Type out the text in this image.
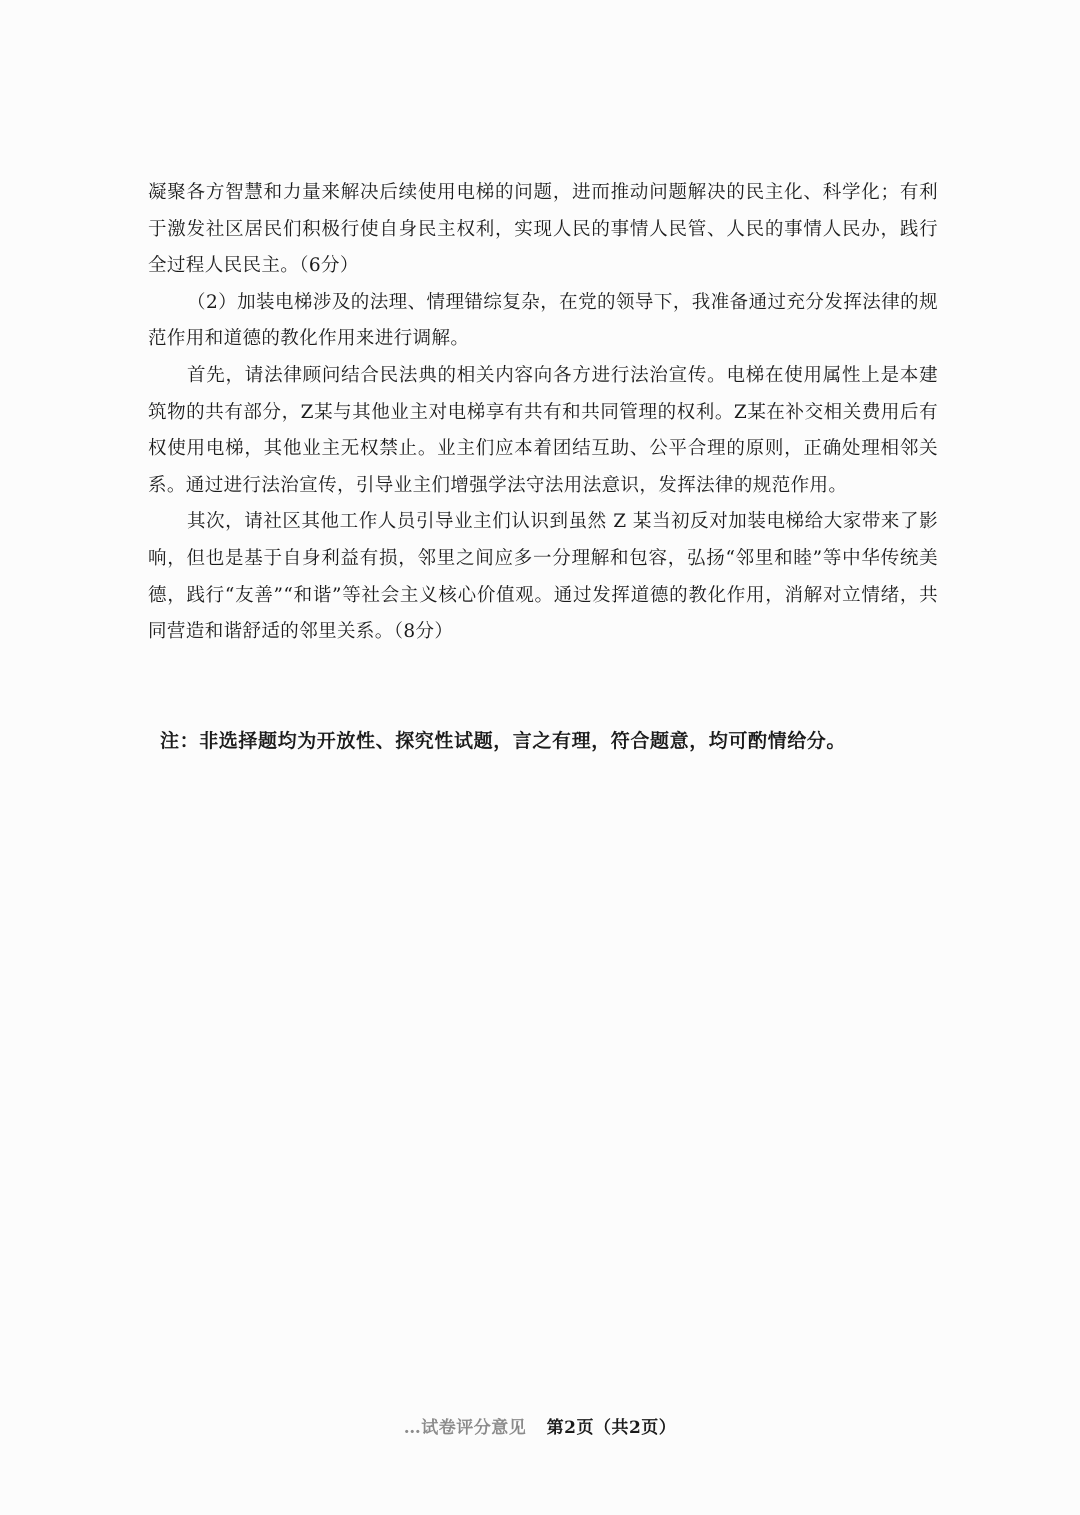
凝聚各方智慧和力量来解决后续使用电梯的问题，进而推动问题解决的民主化、科学化；有利于激发社区居民们积极行使自身民主权利，实现人民的事情人民管、人民的事情人民办，践行全过程人民民主。（6分）

（2）加装电梯涉及的法理、情理错综复杂，在党的领导下，我准备通过充分发挥法律的规范作用和道德的教化作用来进行调解。

首先，请法律顾问结合民法典的相关内容向各方进行法治宣传。电梯在使用属性上是本建筑物的共有部分，Z某与其他业主对电梯享有共有和共同管理的权利。Z某在补交相关费用后有权使用电梯，其他业主无权禁止。业主们应本着团结互助、公平合理的原则，正确处理相邻关系。通过进行法治宣传，引导业主们增强学法守法用法意识，发挥法律的规范作用。

其次，请社区其他工作人员引导业主们认识到虽然 Z 某当初反对加装电梯给大家带来了影响，但也是基于自身利益有损，邻里之间应多一分理解和包容，弘扬“邻里和睦”等中华传统美德，践行“友善”“和谐”等社会主义核心价值观。通过发挥道德的教化作用，消解对立情绪，共同营造和谐舒适的邻里关系。（8分）

注：非选择题均为开放性、探究性试题，言之有理，符合题意，均可酌情给分。

…试卷评分意见 第2页（共2页）
